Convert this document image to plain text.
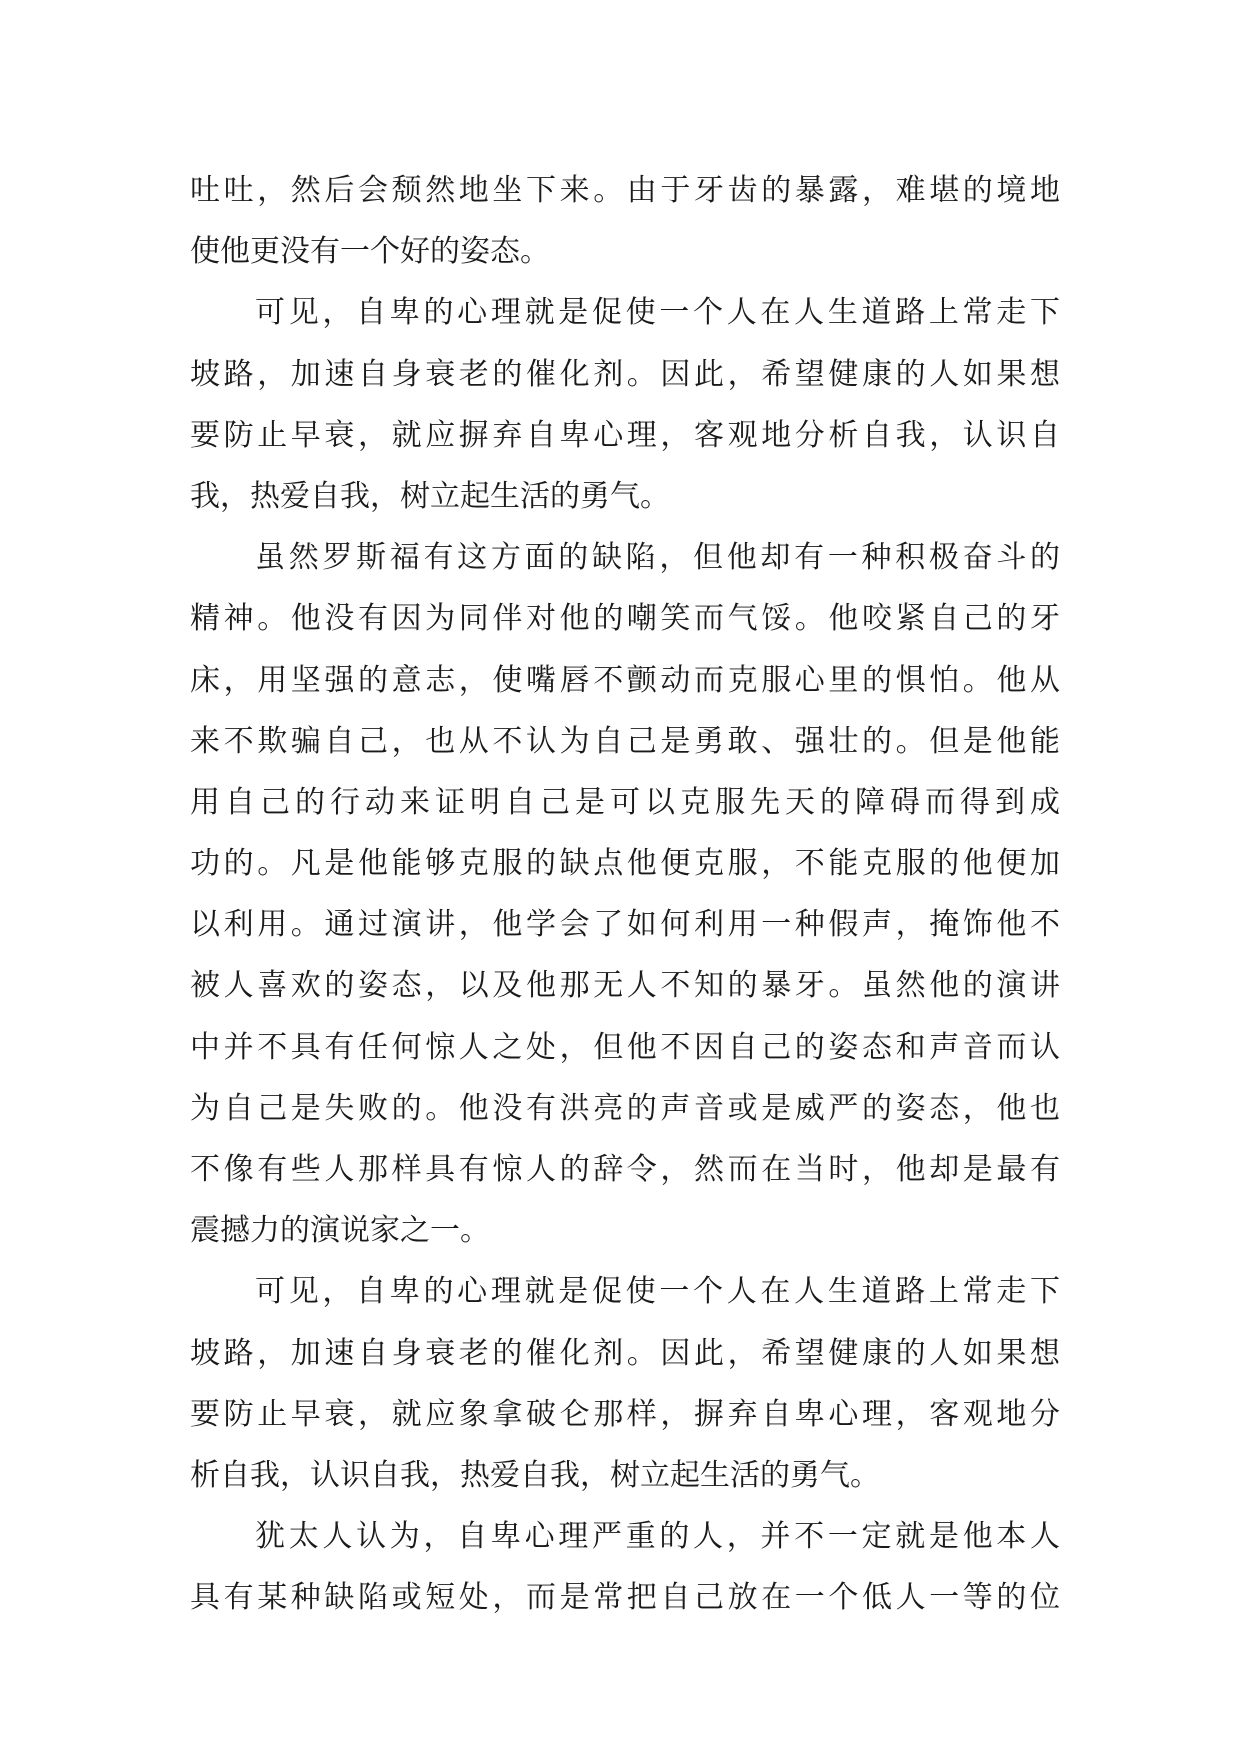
吐吐，然后会颓然地坐下来。由于牙齿的暴露，难堪的境地
使他更没有一个好的姿态。
可见，自卑的心理就是促使一个人在人生道路上常走下
坡路，加速自身衰老的催化剂。因此，希望健康的人如果想
要防止早衰，就应摒弃自卑心理，客观地分析自我，认识自
我，热爱自我，树立起生活的勇气。
虽然罗斯福有这方面的缺陷，但他却有一种积极奋斗的
精神。他没有因为同伴对他的嘲笑而气馁。他咬紧自己的牙
床，用坚强的意志，使嘴唇不颤动而克服心里的惧怕。他从
来不欺骗自己，也从不认为自己是勇敢、强壮的。但是他能
用自己的行动来证明自己是可以克服先天的障碍而得到成
功的。凡是他能够克服的缺点他便克服，不能克服的他便加
以利用。通过演讲，他学会了如何利用一种假声，掩饰他不
被人喜欢的姿态，以及他那无人不知的暴牙。虽然他的演讲
中并不具有任何惊人之处，但他不因自己的姿态和声音而认
为自己是失败的。他没有洪亮的声音或是威严的姿态，他也
不像有些人那样具有惊人的辞令，然而在当时，他却是最有
震撼力的演说家之一。
可见，自卑的心理就是促使一个人在人生道路上常走下
坡路，加速自身衰老的催化剂。因此，希望健康的人如果想
要防止早衰，就应象拿破仑那样，摒弃自卑心理，客观地分
析自我，认识自我，热爱自我，树立起生活的勇气。
犹太人认为，自卑心理严重的人，并不一定就是他本人
具有某种缺陷或短处，而是常把自己放在一个低人一等的位
